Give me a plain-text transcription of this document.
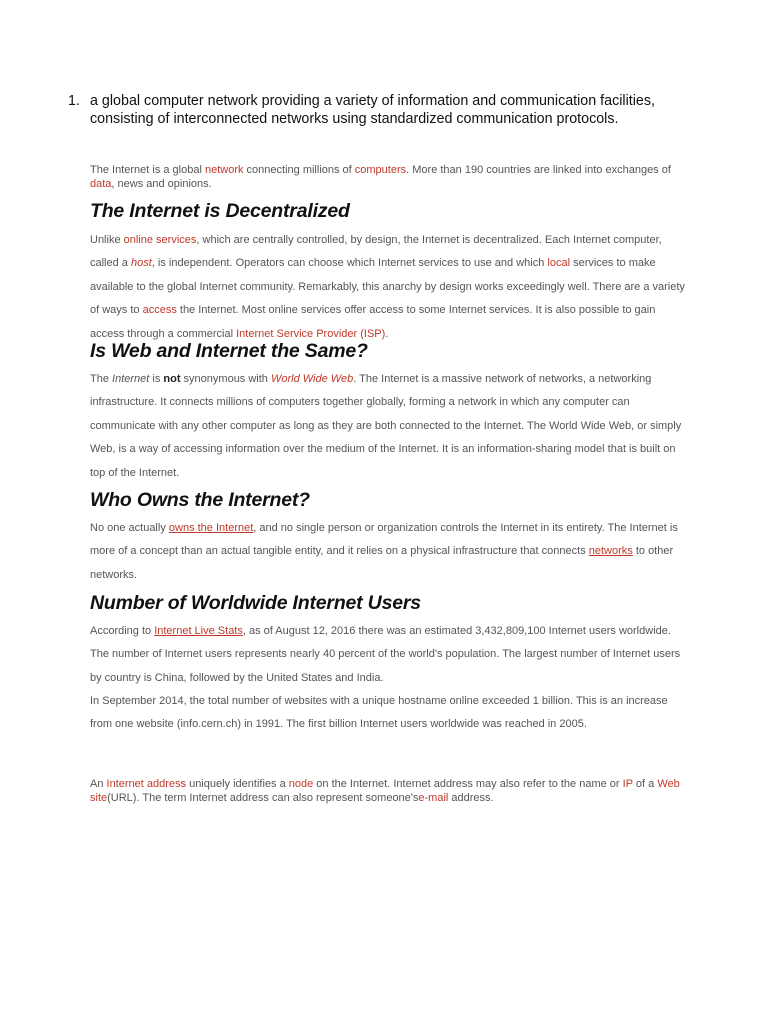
1. a global computer network providing a variety of information and communication facilities, consisting of interconnected networks using standardized communication protocols.
The Internet is a global network connecting millions of computers. More than 190 countries are linked into exchanges of data, news and opinions.
The Internet is Decentralized
Unlike online services, which are centrally controlled, by design, the Internet is decentralized. Each Internet computer, called a host, is independent. Operators can choose which Internet services to use and which local services to make available to the global Internet community. Remarkably, this anarchy by design works exceedingly well. There are a variety of ways to access the Internet. Most online services offer access to some Internet services. It is also possible to gain access through a commercial Internet Service Provider (ISP).
Is Web and Internet the Same?
The Internet is not synonymous with World Wide Web. The Internet is a massive network of networks, a networking infrastructure. It connects millions of computers together globally, forming a network in which any computer can communicate with any other computer as long as they are both connected to the Internet. The World Wide Web, or simply Web, is a way of accessing information over the medium of the Internet. It is an information-sharing model that is built on top of the Internet.
Who Owns the Internet?
No one actually owns the Internet, and no single person or organization controls the Internet in its entirety. The Internet is more of a concept than an actual tangible entity, and it relies on a physical infrastructure that connects networks to other networks.
Number of Worldwide Internet Users
According to Internet Live Stats, as of August 12, 2016 there was an estimated 3,432,809,100 Internet users worldwide. The number of Internet users represents nearly 40 percent of the world's population. The largest number of Internet users by country is China, followed by the United States and India.
In September 2014, the total number of websites with a unique hostname online exceeded 1 billion. This is an increase from one website (info.cern.ch) in 1991. The first billion Internet users worldwide was reached in 2005.
An Internet address uniquely identifies a node on the Internet. Internet address may also refer to the name or IP of a Web site(URL). The term Internet address can also represent someone'se-mail address.
